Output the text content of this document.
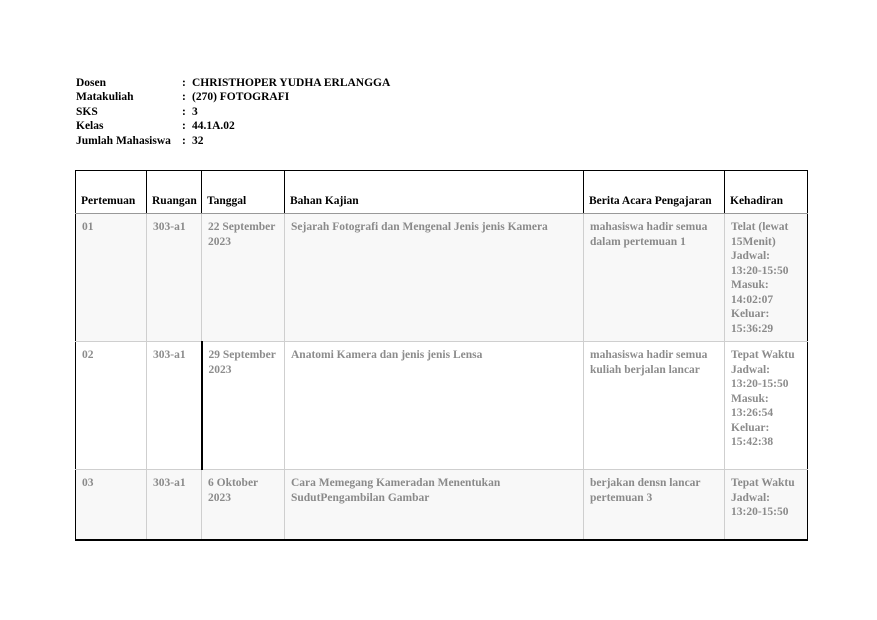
Dosen	: CHRISTHOPER YUDHA ERLANGGA
Matakuliah	: (270) FOTOGRAFI
SKS	: 3
Kelas	: 44.1A.02
Jumlah Mahasiswa : 32
Pertemuan	Ruangan	Tanggal	Bahan Kajian	Berita Acara Pengajaran	Kehadiran
01	303-a1	22 September 2023	Sejarah Fotografi dan Mengenal Jenis jenis Kamera	mahasiswa hadir semua dalam pertemuan 1	Telat (lewat 15Menit) Jadwal: 13:20-15:50 Masuk: 14:02:07 Keluar: 15:36:29
02	303-a1	29 September 2023	Anatomi Kamera dan jenis jenis Lensa	mahasiswa hadir semua kuliah berjalan lancar	Tepat Waktu Jadwal: 13:20-15:50 Masuk: 13:26:54 Keluar: 15:42:38
03	303-a1	6 Oktober 2023	Cara Memegang Kameradan Menentukan SudutPengambilan Gambar	berjakan densn lancar pertemuan 3	Tepat Waktu Jadwal: 13:20-15:50
